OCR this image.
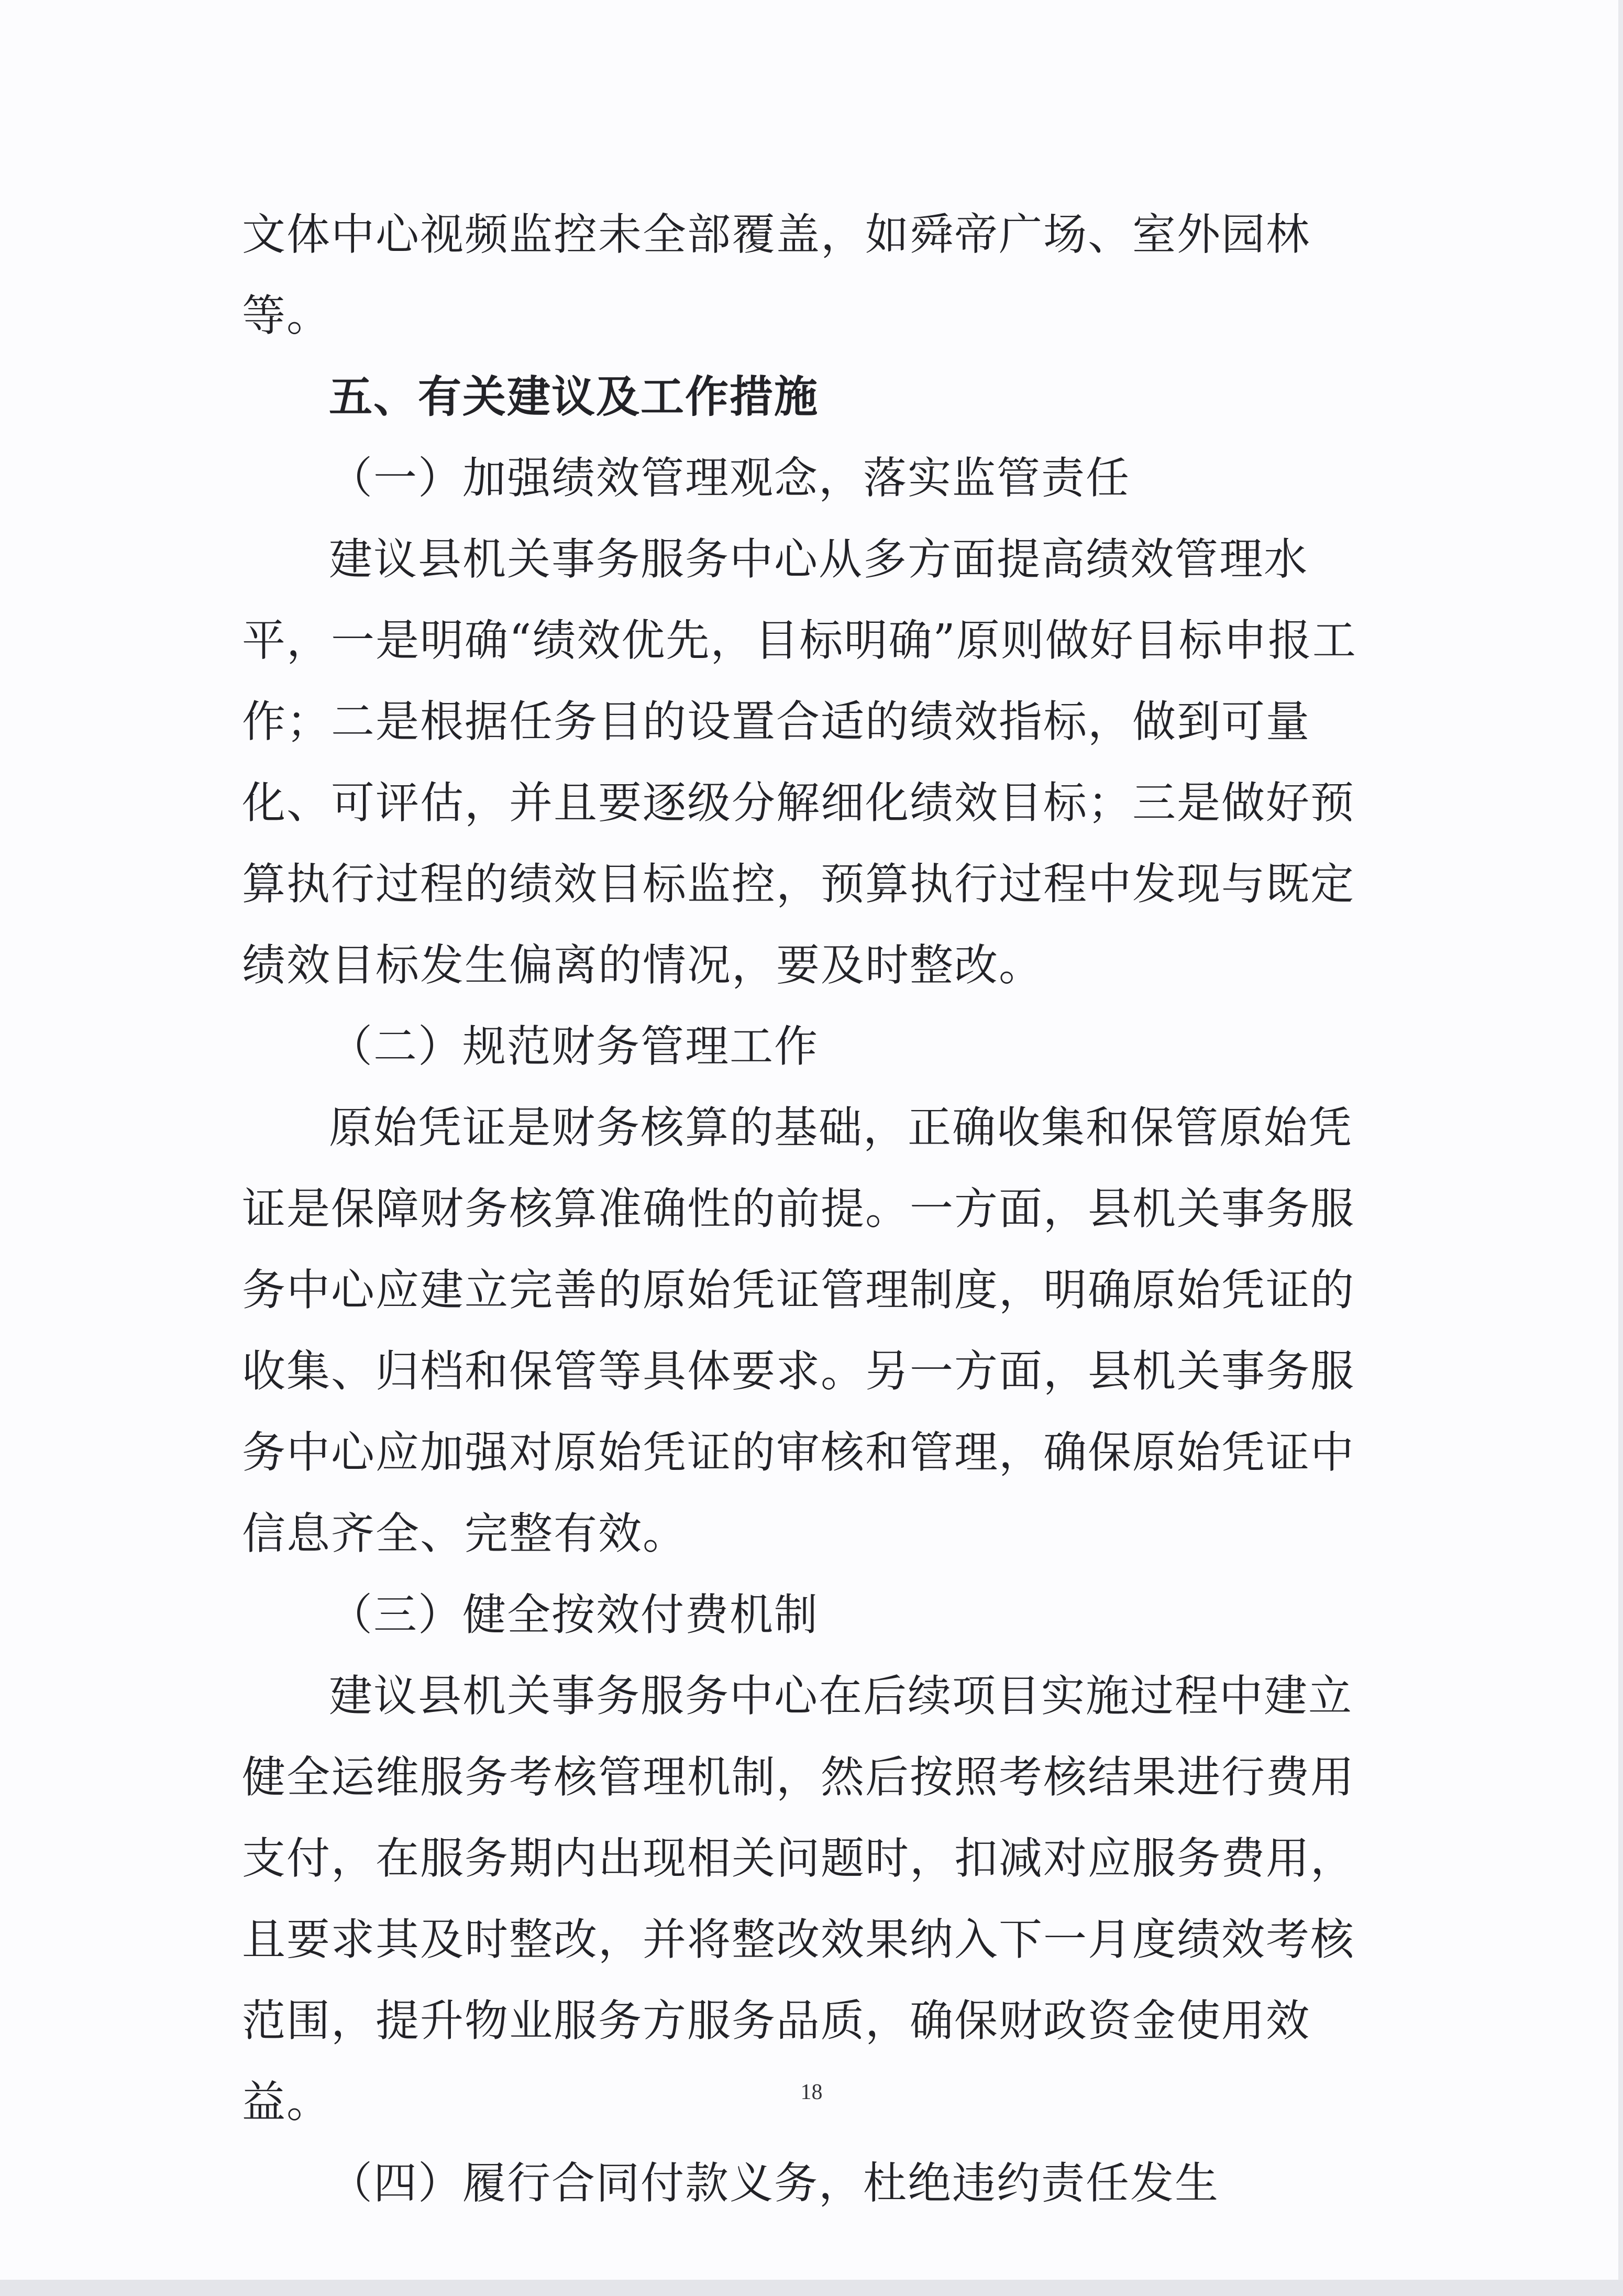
文体中心视频监控未全部覆盖，如舜帝广场、室外园林等。

五、有关建议及工作措施

（一）加强绩效管理观念，落实监管责任

建议县机关事务服务中心从多方面提高绩效管理水平，一是明确“绩效优先，目标明确”原则做好目标申报工作；二是根据任务目的设置合适的绩效指标，做到可量化、可评估，并且要逐级分解细化绩效目标；三是做好预算执行过程的绩效目标监控，预算执行过程中发现与既定绩效目标发生偏离的情况，要及时整改。

（二）规范财务管理工作

原始凭证是财务核算的基础，正确收集和保管原始凭证是保障财务核算准确性的前提。一方面，县机关事务服务中心应建立完善的原始凭证管理制度，明确原始凭证的收集、归档和保管等具体要求。另一方面，县机关事务服务中心应加强对原始凭证的审核和管理，确保原始凭证中信息齐全、完整有效。

（三）健全按效付费机制

建议县机关事务服务中心在后续项目实施过程中建立健全运维服务考核管理机制，然后按照考核结果进行费用支付，在服务期内出现相关问题时，扣减对应服务费用，且要求其及时整改，并将整改效果纳入下一月度绩效考核范围，提升物业服务方服务品质，确保财政资金使用效益。

（四）履行合同付款义务，杜绝违约责任发生

18
